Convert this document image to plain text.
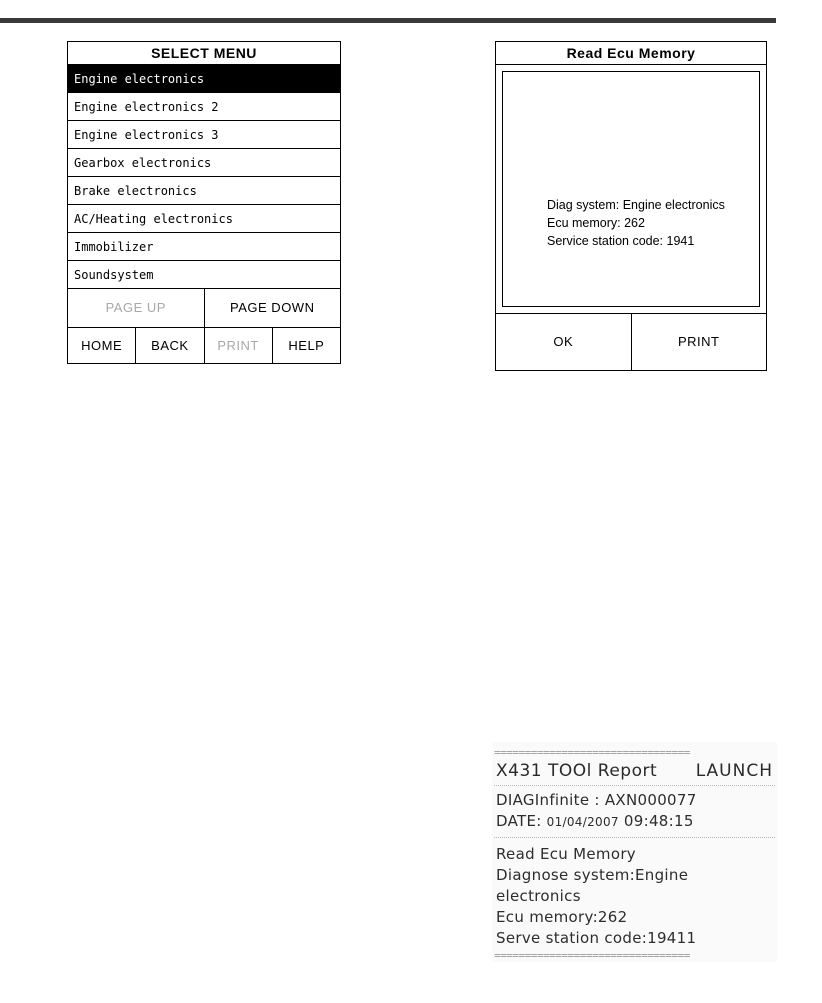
SELECT MENU
Engine electronics
Engine electronics 2
Engine electronics 3
Gearbox electronics
Brake electronics
AC/Heating electronics
Immobilizer
Soundsystem
PAGE UP	PAGE DOWN
HOME	BACK	PRINT	HELP
Read Ecu Memory
Diag system: Engine electronics
Ecu memory: 262
Service station code: 1941
OK	PRINT
================================
X431 TOOl Report	LAUNCH
DIAGInfinite : AXN000077
DATE: 01/04/2007 09:48:15
Read Ecu Memory
Diagnose system:Engine
electronics
Ecu memory:262
Serve station code:19411
================================
